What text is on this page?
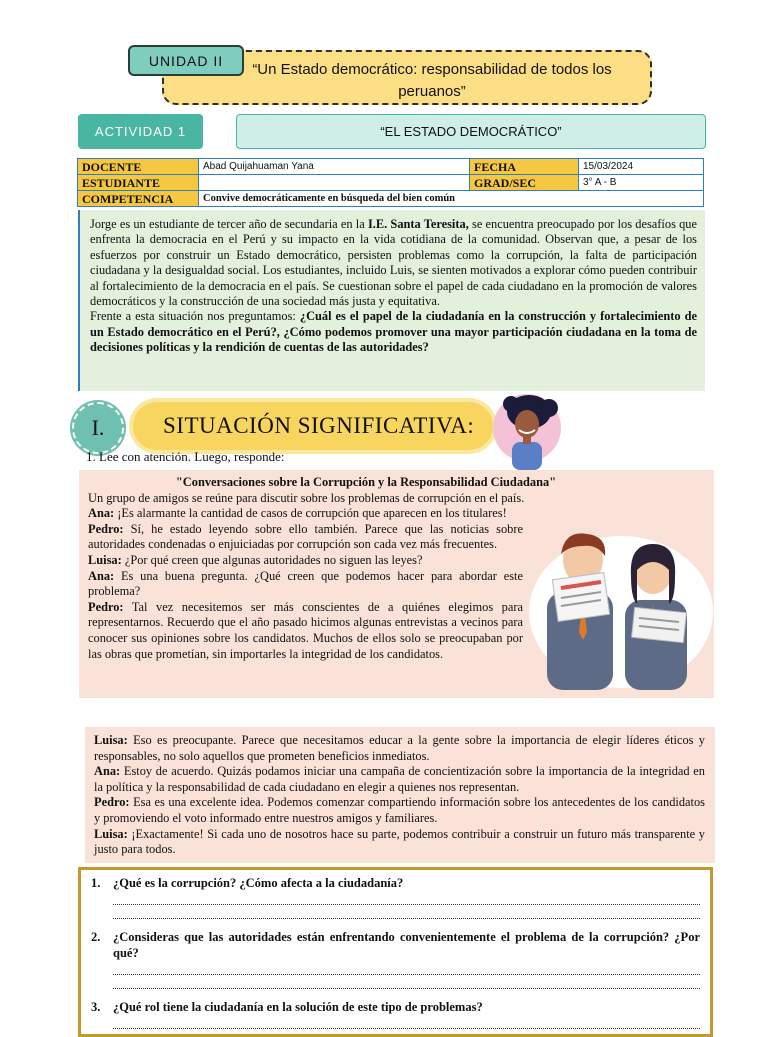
“Un Estado democrático: responsabilidad de todos los peruanos”
UNIDAD II
ACTIVIDAD 1	“EL ESTADO DEMOCRÁTICO”
DOCENTE	Abad Quijahuaman Yana	FECHA	15/03/2024
ESTUDIANTE		GRAD/SEC	3° A - B
COMPETENCIA	Convive democráticamente en búsqueda del bien común		

Jorge es un estudiante de tercer año de secundaria en la I.E. Santa Teresita, se encuentra preocupado por los desafíos que enfrenta la democracia en el Perú y su impacto en la vida cotidiana de la comunidad. Observan que, a pesar de los esfuerzos por construir un Estado democrático, persisten problemas como la corrupción, la falta de participación ciudadana y la desigualdad social. Los estudiantes, incluido Luis, se sienten motivados a explorar cómo pueden contribuir al fortalecimiento de la democracia en el país. Se cuestionan sobre el papel de cada ciudadano en la promoción de valores democráticos y la construcción de una sociedad más justa y equitativa.

Frente a esta situación nos preguntamos: ¿Cuál es el papel de la ciudadanía en la construcción y fortalecimiento de un Estado democrático en el Perú?, ¿Cómo podemos promover una mayor participación ciudadana en la toma de decisiones políticas y la rendición de cuentas de las autoridades?

I.	SITUACIÓN SIGNIFICATIVA:
1. Lee con atención. Luego, responde:
"Conversaciones sobre la Corrupción y la Responsabilidad Ciudadana"

Un grupo de amigos se reúne para discutir sobre los problemas de corrupción en el país.

Ana: ¡Es alarmante la cantidad de casos de corrupción que aparecen en los titulares!

Pedro: Sí, he estado leyendo sobre ello también. Parece que las noticias sobre autoridades condenadas o enjuiciadas por corrupción son cada vez más frecuentes.

Luisa: ¿Por qué creen que algunas autoridades no siguen las leyes?

Ana: Es una buena pregunta. ¿Qué creen que podemos hacer para abordar este problema?

Pedro: Tal vez necesitemos ser más conscientes de a quiénes elegimos para representarnos. Recuerdo que el año pasado hicimos algunas entrevistas a vecinos para conocer sus opiniones sobre los candidatos. Muchos de ellos solo se preocupaban por las obras que prometían, sin importarles la integridad de los candidatos.

Luisa: Eso es preocupante. Parece que necesitamos educar a la gente sobre la importancia de elegir líderes éticos y responsables, no solo aquellos que prometen beneficios inmediatos.

Ana: Estoy de acuerdo. Quizás podamos iniciar una campaña de concientización sobre la importancia de la integridad en la política y la responsabilidad de cada ciudadano en elegir a quienes nos representan.

Pedro: Esa es una excelente idea. Podemos comenzar compartiendo información sobre los antecedentes de los candidatos y promoviendo el voto informado entre nuestros amigos y familiares.

Luisa: ¡Exactamente! Si cada uno de nosotros hace su parte, podemos contribuir a construir un futuro más transparente y justo para todos.

1.	¿Qué es la corrupción? ¿Cómo afecta a la ciudadanía?
2.	¿Consideras que las autoridades están enfrentando convenientemente el problema de la corrupción? ¿Por qué?
3.	¿Qué rol tiene la ciudadanía en la solución de este tipo de problemas?
